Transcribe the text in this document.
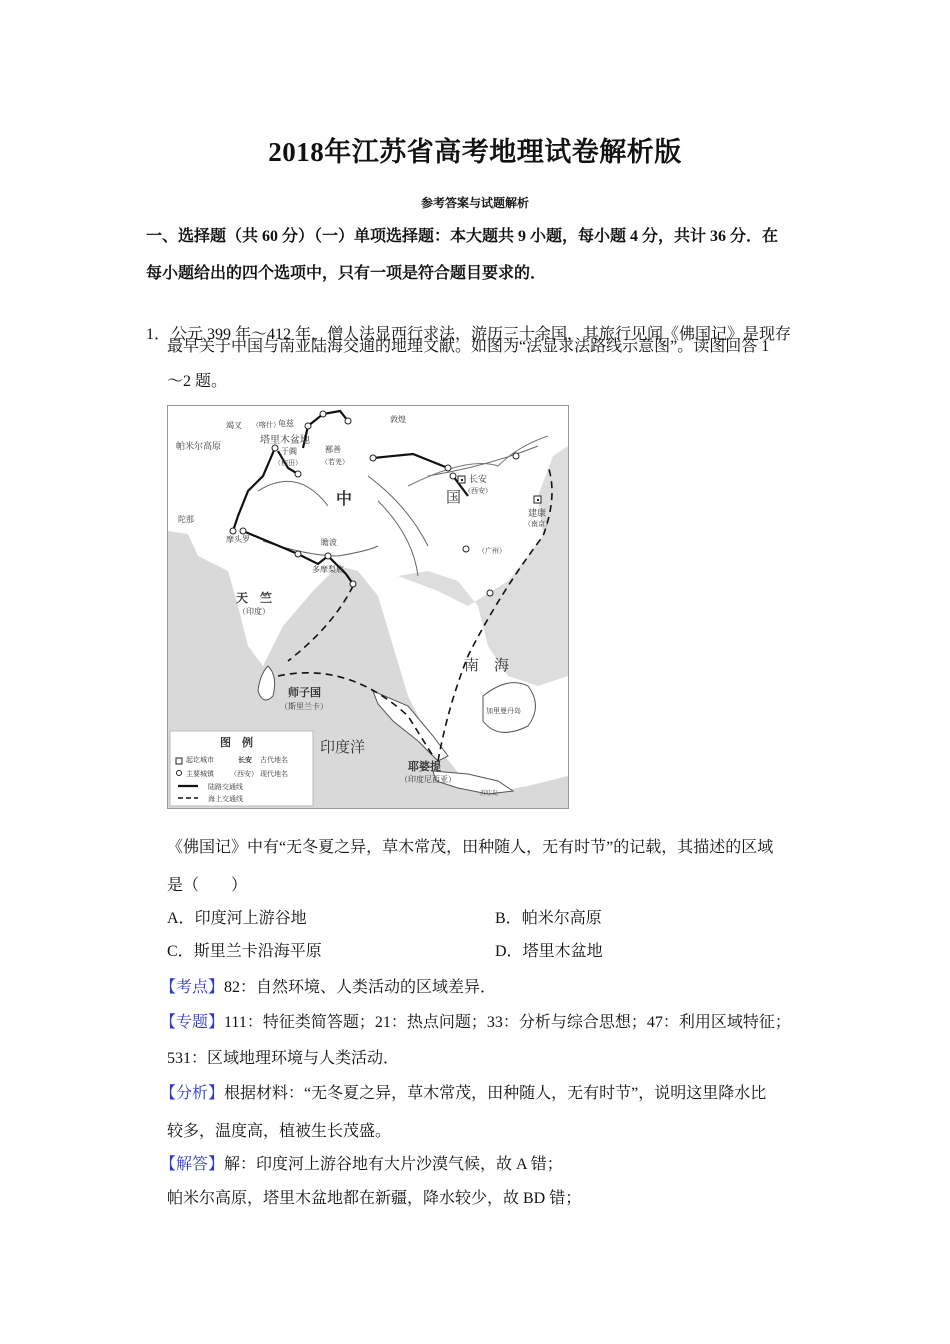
2018年江苏省高考地理试卷解析版
参考答案与试题解析
一、选择题（共 60 分）（一）单项选择题：本大题共 9 小题，每小题 4 分，共计 36 分．在
每小题给出的四个选项中，只有一项是符合题目要求的．
1． 公元 399 年～412 年，僧人法显西行求法，游历三十余国，其旅行见闻《佛国记》是现存
最早关于中国与南亚陆海交通的地理文献。如图为“法显求法路线示意图”。读图回答 1
～2 题。
帕米尔高原
竭叉 （喀什）
龟兹
塔里木盆地
于阗
（和田）
鄯善
（若羌）
敦煌
长安
（西安）
建康
（南京）
（广州）
中	国
陀那
摩头罗	瞻波
多摩梨底
天　竺
（印度）
师子国
（斯里兰卡）
南　海
印度洋
耶婆提
（印度尼西亚）
加里曼丹岛
苏哇岛
图　例
起讫城市	长安 古代地名
主要城镇 （西安） 现代地名
陆路交通线
海上交通线
《佛国记》中有“无冬夏之异，草木常茂，田种随人，无有时节”的记载，其描述的区域
是（　　）
A．印度河上游谷地	B．帕米尔高原
C．斯里兰卡沿海平原	D．塔里木盆地
【考点】82：自然环境、人类活动的区域差异．
【专题】111：特征类简答题；21：热点问题；33：分析与综合思想；47：利用区域特征；
531：区域地理环境与人类活动．
【分析】根据材料：“无冬夏之异，草木常茂，田种随人，无有时节”，说明这里降水比
较多，温度高，植被生长茂盛。
【解答】解：印度河上游谷地有大片沙漠气候，故 A 错；
帕米尔高原，塔里木盆地都在新疆，降水较少，故 BD 错；
